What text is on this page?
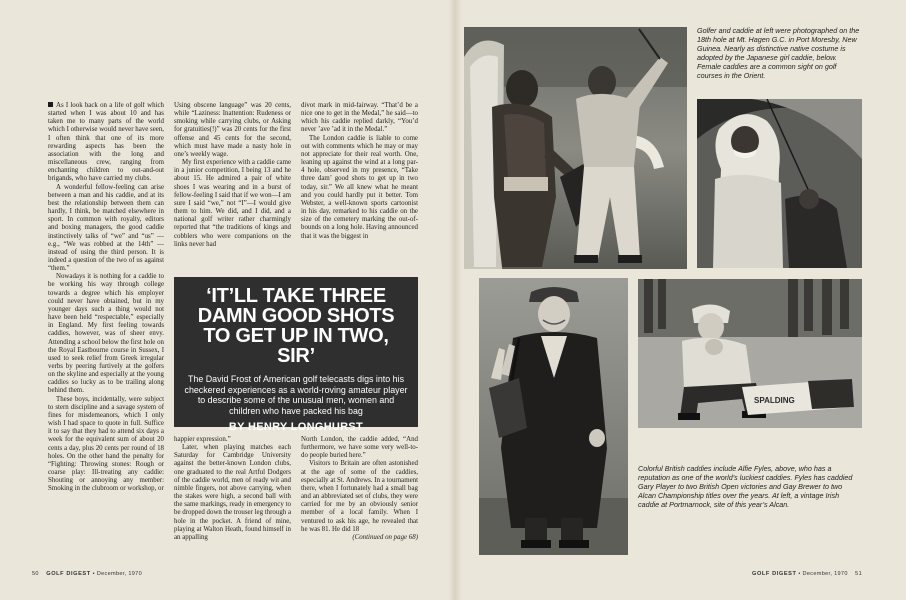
As I look back on a life of golf which started when I was about 10 and has taken me to many parts of the world which I otherwise would never have seen, I often think that one of its more rewarding aspects has been the association with the long and miscellaneous crew, ranging from enchanting children to out-and-out brigands, who have carried my clubs.

A wonderful fellow-feeling can arise between a man and his caddie, and at its best the relationship between them can hardly, I think, be matched elsewhere in sport. In common with royalty, editors and boxing managers, the good caddie instinctively talks of “we” and “us” —e.g., “We was robbed at the 14th” —instead of using the third person. It is indeed a question of the two of us against “them.”

Nowadays it is nothing for a caddie to be working his way through college towards a degree which his employer could never have obtained, but in my younger days such a thing would not have been held “respectable,” especially in England. My first feeling towards caddies, however, was of sheer envy. Attending a school below the first hole on the Royal Eastbourne course in Sussex, I used to seek relief from Greek irregular verbs by peering furtively at the golfers on the skyline and especially at the young caddies so lucky as to be trailing along behind them.

These boys, incidentally, were subject to stern discipline and a savage system of fines for misdemeanors, which I only wish I had space to quote in full. Suffice it to say that they had to attend six days a week for the equivalent sum of about 20 cents a day, plus 20 cents per round of 18 holes. On the other hand the penalty for “Fighting: Throwing stones: Rough or coarse play: Ill-treating any caddie: Shouting or annoying any member: Smoking in the clubroom or workshop, or

Using obscene language” was 20 cents, while “Laziness: Inattention: Rudeness or smoking while carrying clubs, or Asking for gratuities(!)” was 20 cents for the first offense and 45 cents for the second, which must have made a nasty hole in one’s weekly wage.

My first experience with a caddie came in a junior competition, I being 13 and he about 15. He admired a pair of white shoes I was wearing and in a burst of fellow-feeling I said that if we won—I am sure I said “we,” not “I”—I would give them to him. We did, and I did, and a national golf writer rather charmingly reported that “the traditions of kings and cobblers who were companions on the links never had

divot mark in mid-fairway. “That’d be a nice one to get in the Medal,” he said—to which his caddie replied darkly, “You’d never ’ave ’ad it in the Medal.”

The London caddie is liable to come out with comments which he may or may not appreciate for their real worth. One, leaning up against the wind at a long par-4 hole, observed in my presence, “Take three dam’ good shots to get up in two today, sir.” We all knew what he meant and you could hardly put it better. Tom Webster, a well-known sports cartoonist in his day, remarked to his caddie on the size of the cemetery marking the out-of-bounds on a long hole. Having announced that it was the biggest in

‘IT’LL TAKE THREE DAMN GOOD SHOTS TO GET UP IN TWO, SIR’

The David Frost of American golf telecasts digs into his checkered experiences as a world-roving amateur player to describe some of the unusual men, women and children who have packed his bag

BY HENRY LONGHURST

happier expression.”

Later, when playing matches each Saturday for Cambridge University against the better-known London clubs, one graduated to the real Artful Dodgers of the caddie world, men of ready wit and nimble fingers, not above carrying, when the stakes were high, a second ball with the same markings, ready in emergency to be dropped down the trouser leg through a hole in the pocket. A friend of mine, playing at Walton Heath, found himself in an appalling

North London, the caddie added, “And furthermore, we have some very well-to-do people buried here.”

Visitors to Britain are often astonished at the age of some of the caddies, especially at St. Andrews. In a tournament there, when I fortunately had a small bag and an abbreviated set of clubs, they were carried for me by an obviously senior member of a local family. When I ventured to ask his age, he revealed that he was 81. He did 18

(Continued on page 68)

SPALDING

Golfer and caddie at left were photographed on the 18th hole at Mt. Hagen G.C. in Port Moresby, New Guinea. Nearly as distinctive native costume is adopted by the Japanese girl caddie, below. Female caddies are a common sight on golf courses in the Orient.

Colorful British caddies include Alfie Fyles, above, who has a reputation as one of the world’s luckiest caddies. Fyles has caddied Gary Player to two British Open victories and Gay Brewer to two Alcan Championship titles over the years. At left, a vintage Irish caddie at Portmarnock, site of this year’s Alcan.

50 GOLF DIGEST • December, 1970	GOLF DIGEST • December, 1970 51
